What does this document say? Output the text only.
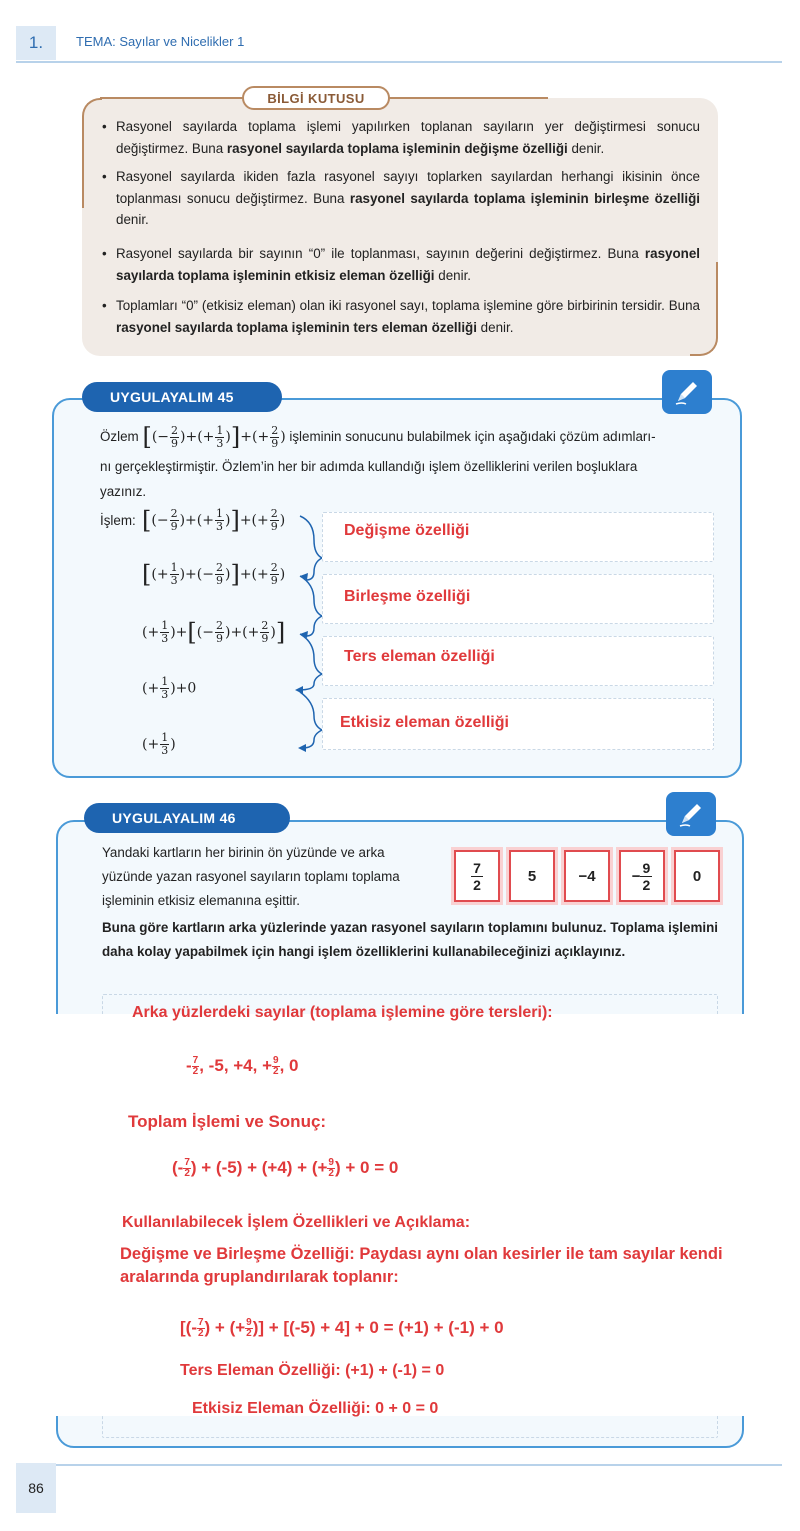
1.	TEMA: Sayılar ve Nicelikler 1
BİLGİ KUTUSU
• Rasyonel sayılarda toplama işlemi yapılırken toplanan sayıların yer değiştirmesi sonucu değiştirmez. Buna rasyonel sayılarda toplama işleminin değişme özelliği denir.
• Rasyonel sayılarda ikiden fazla rasyonel sayıyı toplarken sayılardan herhangi ikisinin önce toplanması sonucu değiştirmez. Buna rasyonel sayılarda toplama işleminin birleşme özelliği denir.
• Rasyonel sayılarda bir sayının “0” ile toplanması, sayının değerini değiştirmez. Buna rasyonel sayılarda toplama işleminin etkisiz eleman özelliği denir.
• Toplamları “0” (etkisiz eleman) olan iki rasyonel sayı, toplama işlemine göre birbirinin tersidir. Buna rasyonel sayılarda toplama işleminin ters eleman özelliği denir.
UYGULAYALIM 45
Özlem [(− $\frac{2}{9}$ )+(+ $\frac{1}{3}$ )]+(+ $\frac{2}{9}$ ) işleminin sonucunu bulabilmek için aşağıdaki çözüm adımları-
nı gerçekleştirmiştir. Özlem’in her bir adımda kullandığı işlem özelliklerini verilen boşluklara
yazınız.
İşlem: [(− $\frac{2}{9}$ )+(+ $\frac{1}{3}$ )]+(+ $\frac{2}{9}$ )
[(+ $\frac{1}{3}$ )+(− $\frac{2}{9}$ )]+(+ $\frac{2}{9}$ )
(+ $\frac{1}{3}$ )+[(− $\frac{2}{9}$ )+(+ $\frac{2}{9}$ )]
(+ $\frac{1}{3} )+0$
(+ $\frac{1}{3}$ )
Değişme özelliği
Birleşme özelliği
Ters eleman özelliği
Etkisiz eleman özelliği
UYGULAYALIM 46
Yandaki kartların her birinin ön yüzünde ve arka
yüzünde yazan rasyonel sayıların toplamı toplama
işleminin etkisiz elemanına eşittir.
7
2	5	$-4 - \frac{9}{2}$	0
Buna göre kartların arka yüzlerinde yazan rasyonel sayıların toplamını bulunuz. Toplama işlemini daha kolay yapabilmek için hangi işlem özelliklerini kullanabileceğinizi açıklayınız.
Arka yüzlerdeki sayılar (toplama işlemine göre tersleri):
- $\frac{7}{2}$ , -5, +4, + $\frac{9}{2}$ , 0
Toplam İşlemi ve Sonuç:
(- $\frac{7}{2}$ ) + (-5) + (+4) + (+ $\frac{9}{2}$ ) + 0 = 0
Kullanılabilecek İşlem Özellikleri ve Açıklama:
Değişme ve Birleşme Özelliği: Paydası aynı olan kesirler ile tam sayılar kendi aralarında gruplandırılarak toplanır:
[(- $\frac{7}{2}$ ) + (+ $\frac{9}{2}$ )] + [(-5) + 4] + 0 = (+1) + (-1) + 0
Ters Eleman Özelliği: (+1) + (-1) = 0
Etkisiz Eleman Özelliği: 0 + 0 = 0
86
